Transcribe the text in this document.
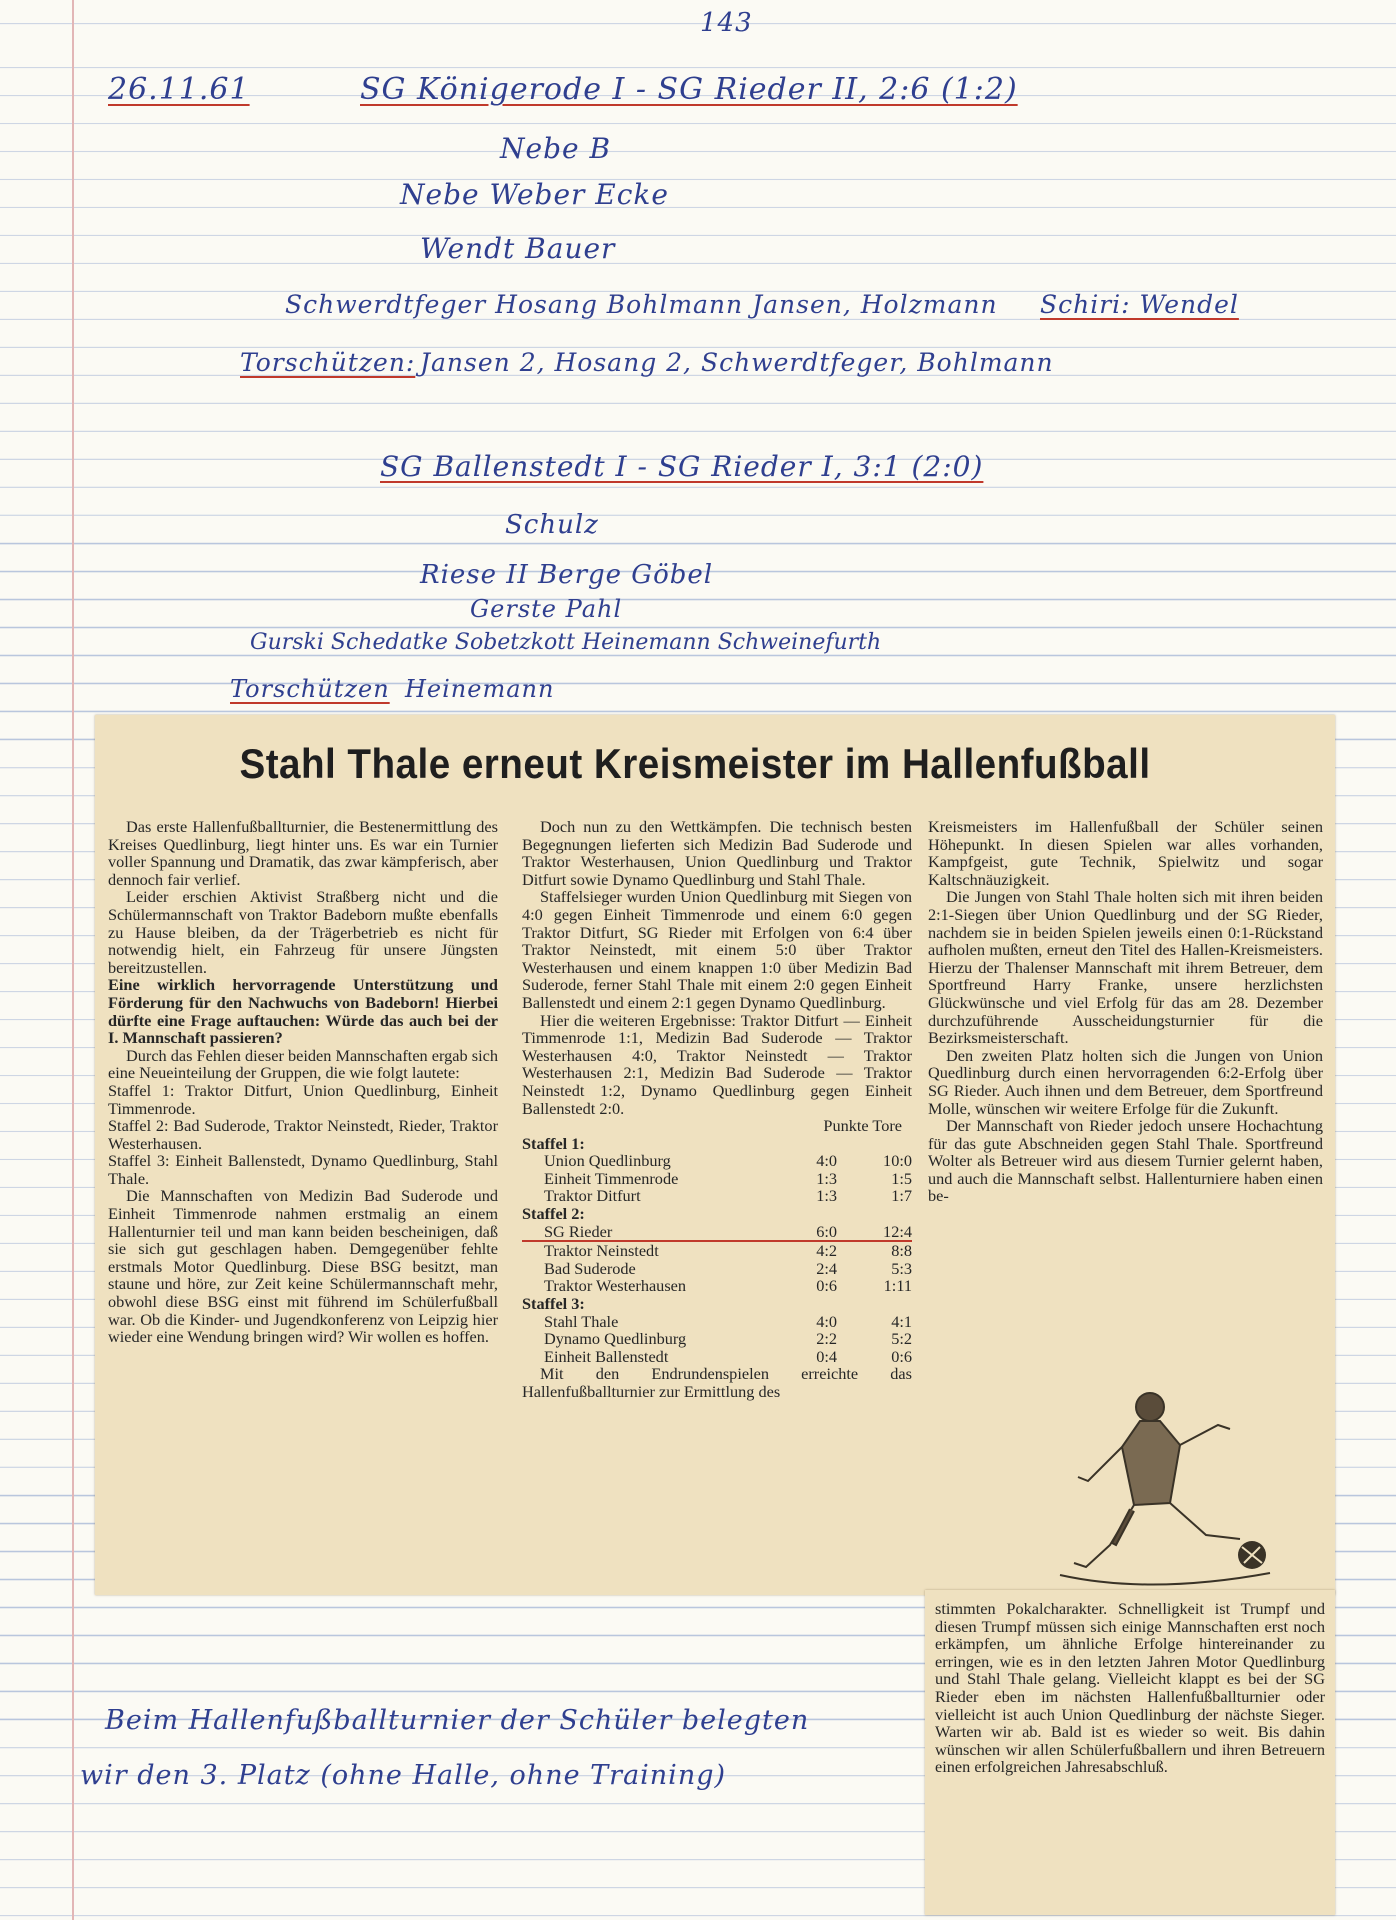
143
26.11.61	SG Königerode I - SG Rieder II, 2:6 (1:2)
Nebe B
Nebe Weber Ecke
Wendt Bauer
Schwerdtfeger Hosang Bohlmann Jansen, Holzmann Schiri: Wendel
Torschützen: Jansen 2, Hosang 2, Schwerdtfeger, Bohlmann
SG Ballenstedt I - SG Rieder I, 3:1 (2:0)
Schulz
Riese II Berge Göbel
Gerste Pahl
Gurski Schedatke Sobetzkott Heinemann Schweinefurth
Torschützen Heinemann
Beim Hallenfußballturnier der Schüler belegten
wir den 3. Platz (ohne Halle, ohne Training)
Stahl Thale erneut Kreismeister im Hallenfußball

Das erste Hallenfußballturnier, die Bestenermittlung des Kreises Quedlinburg, liegt hinter uns. Es war ein Turnier voller Spannung und Dramatik, das zwar kämpferisch, aber dennoch fair verlief.

Leider erschien Aktivist Straßberg nicht und die Schülermannschaft von Traktor Badeborn mußte ebenfalls zu Hause bleiben, da der Trägerbetrieb es nicht für notwendig hielt, ein Fahrzeug für unsere Jüngsten bereitzustellen.

Eine wirklich hervorragende Unterstützung und Förderung für den Nachwuchs von Badeborn! Hierbei dürfte eine Frage auftauchen: Würde das auch bei der I. Mannschaft passieren?

Durch das Fehlen dieser beiden Mannschaften ergab sich eine Neueinteilung der Gruppen, die wie folgt lautete:

Staffel 1: Traktor Ditfurt, Union Quedlinburg, Einheit Timmenrode.

Staffel 2: Bad Suderode, Traktor Neinstedt, Rieder, Traktor Westerhausen.

Staffel 3: Einheit Ballenstedt, Dynamo Quedlinburg, Stahl Thale.

Die Mannschaften von Medizin Bad Suderode und Einheit Timmenrode nahmen erstmalig an einem Hallenturnier teil und man kann beiden bescheinigen, daß sie sich gut geschlagen haben. Demgegenüber fehlte erstmals Motor Quedlinburg. Diese BSG besitzt, man staune und höre, zur Zeit keine Schülermannschaft mehr, obwohl diese BSG einst mit führend im Schülerfußball war. Ob die Kinder- und Jugendkonferenz von Leipzig hier wieder eine Wendung bringen wird? Wir wollen es hoffen.

Doch nun zu den Wettkämpfen. Die technisch besten Begegnungen lieferten sich Medizin Bad Suderode und Traktor Westerhausen, Union Quedlinburg und Traktor Ditfurt sowie Dynamo Quedlinburg und Stahl Thale.

Staffelsieger wurden Union Quedlinburg mit Siegen von 4:0 gegen Einheit Timmenrode und einem 6:0 gegen Traktor Ditfurt, SG Rieder mit Erfolgen von 6:4 über Traktor Neinstedt, mit einem 5:0 über Traktor Westerhausen und einem knappen 1:0 über Medizin Bad Suderode, ferner Stahl Thale mit einem 2:0 gegen Einheit Ballenstedt und einem 2:1 gegen Dynamo Quedlinburg.

Hier die weiteren Ergebnisse: Traktor Ditfurt — Einheit Timmenrode 1:1, Medizin Bad Suderode — Traktor Westerhausen 4:0, Traktor Neinstedt — Traktor Westerhausen 2:1, Medizin Bad Suderode — Traktor Neinstedt 1:2, Dynamo Quedlinburg gegen Einheit Ballenstedt 2:0.

Punkte Tore
Staffel 1:		
Union Quedlinburg	4:0	10:0
Einheit Timmenrode	1:3	1:5
Traktor Ditfurt	1:3	1:7
Staffel 2:		
SG Rieder	6:0	12:4
Traktor Neinstedt	4:2	8:8
Bad Suderode	2:4	5:3
Traktor Westerhausen	0:6	1:11
Staffel 3:		
Stahl Thale	4:0	4:1
Dynamo Quedlinburg	2:2	5:2
Einheit Ballenstedt	0:4	0:6

Mit den Endrundenspielen erreichte das Hallenfußballturnier zur Ermittlung des

Kreismeisters im Hallenfußball der Schüler seinen Höhepunkt. In diesen Spielen war alles vorhanden, Kampfgeist, gute Technik, Spielwitz und sogar Kaltschnäuzigkeit.

Die Jungen von Stahl Thale holten sich mit ihren beiden 2:1-Siegen über Union Quedlinburg und der SG Rieder, nachdem sie in beiden Spielen jeweils einen 0:1-Rückstand aufholen mußten, erneut den Titel des Hallen-Kreismeisters. Hierzu der Thalenser Mannschaft mit ihrem Betreuer, dem Sportfreund Harry Franke, unsere herzlichsten Glückwünsche und viel Erfolg für das am 28. Dezember durchzuführende Ausscheidungsturnier für die Bezirksmeisterschaft.

Den zweiten Platz holten sich die Jungen von Union Quedlinburg durch einen hervorragenden 6:2-Erfolg über SG Rieder. Auch ihnen und dem Betreuer, dem Sportfreund Molle, wünschen wir weitere Erfolge für die Zukunft.

Der Mannschaft von Rieder jedoch unsere Hochachtung für das gute Abschneiden gegen Stahl Thale. Sportfreund Wolter als Betreuer wird aus diesem Turnier gelernt haben, und auch die Mannschaft selbst. Hallenturniere haben einen be-

stimmten Pokalcharakter. Schnelligkeit ist Trumpf und diesen Trumpf müssen sich einige Mannschaften erst noch erkämpfen, um ähnliche Erfolge hintereinander zu erringen, wie es in den letzten Jahren Motor Quedlinburg und Stahl Thale gelang. Vielleicht klappt es bei der SG Rieder eben im nächsten Hallenfußballturnier oder vielleicht ist auch Union Quedlinburg der nächste Sieger. Warten wir ab. Bald ist es wieder so weit. Bis dahin wünschen wir allen Schülerfußballern und ihren Betreuern einen erfolgreichen Jahresabschluß.
